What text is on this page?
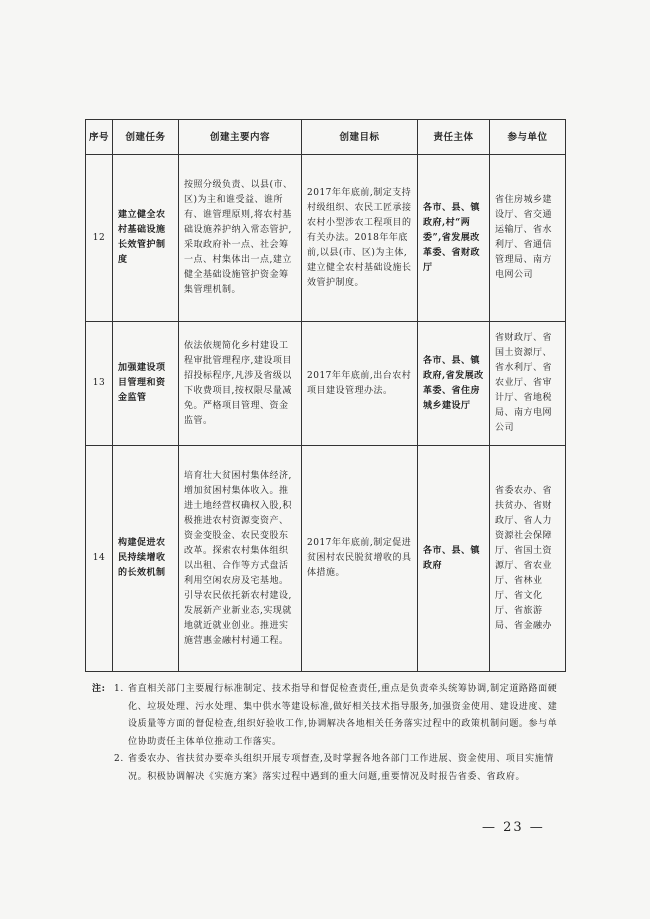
序号	创建任务	创建主要内容	创建目标	责任主体	参与单位
12	建立健全农村基础设施长效管护制度	按照分级负责、以县(市、区)为主和谁受益、谁所有、谁管理原则,将农村基础设施养护纳入常态管护,采取政府补一点、社会筹一点、村集体出一点,建立健全基础设施管护资金筹集管理机制。	2017年年底前,制定支持村级组织、农民工匠承接农村小型涉农工程项目的有关办法。2018年年底前,以县(市、区)为主体,建立健全农村基础设施长效管护制度。	各市、县、镇政府,村“两委”,省发展改革委、省财政厅	省住房城乡建设厅、省交通运输厅、省水利厅、省通信管理局、南方电网公司
13	加强建设项目管理和资金监管	依法依规简化乡村建设工程审批管理程序,建设项目招投标程序,凡涉及省级以下收费项目,按权限尽量减免。严格项目管理、资金监管。	2017年年底前,出台农村项目建设管理办法。	各市、县、镇政府,省发展改革委、省住房城乡建设厅	省财政厅、省国土资源厅、省水利厅、省农业厅、省审计厅、省地税局、南方电网公司
14	构建促进农民持续增收的长效机制	培育壮大贫困村集体经济,增加贫困村集体收入。推进土地经营权确权入股,积极推进农村资源变资产、资金变股金、农民变股东改革。探索农村集体组织以出租、合作等方式盘活利用空闲农房及宅基地。引导农民依托新农村建设,发展新产业新业态,实现就地就近就业创业。推进实施营惠金融村村通工程。	2017年年底前,制定促进贫困村农民脱贫增收的具体措施。	各市、县、镇政府	省委农办、省扶贫办、省财政厅、省人力资源社会保障厅、省国土资源厅、省农业厅、省林业厅、省文化厅、省旅游局、省金融办
注: 1. 省直相关部门主要履行标准制定、技术指导和督促检查责任,重点是负责牵头统筹协调,制定道路路面硬化、垃圾处理、污水处理、集中供水等建设标准,做好相关技术指导服务,加强资金使用、建设进度、建设质量等方面的督促检查,组织好验收工作,协调解决各地相关任务落实过程中的政策机制问题。参与单位协助责任主体单位推动工作落实。
2. 省委农办、省扶贫办要牵头组织开展专项督查,及时掌握各地各部门工作进展、资金使用、项目实施情况。积极协调解决《实施方案》落实过程中遇到的重大问题,重要情况及时报告省委、省政府。
— 23 —
